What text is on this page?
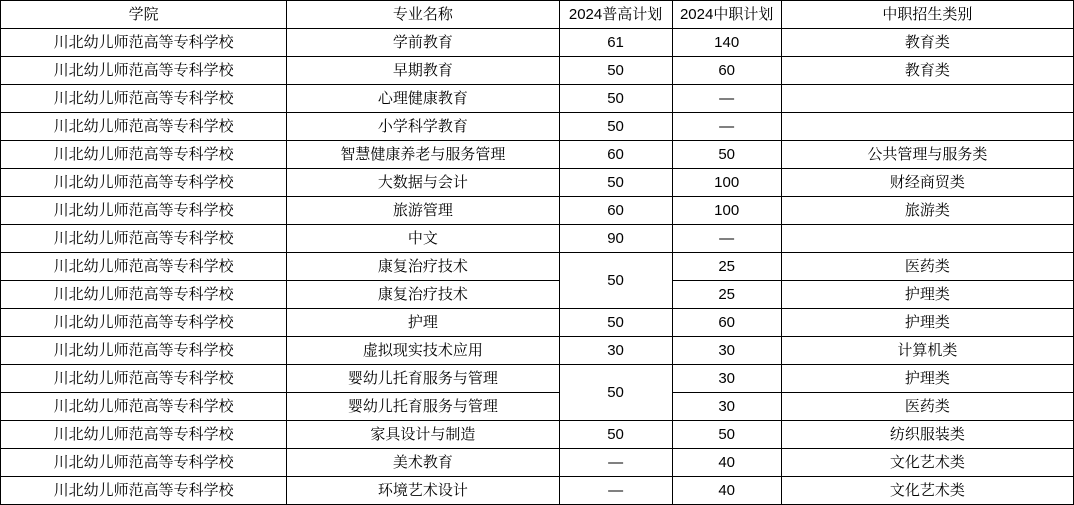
学院	专业名称	2024普高计划	2024中职计划	中职招生类别
川北幼儿师范高等专科学校	学前教育	61	140	教育类
川北幼儿师范高等专科学校	早期教育	50	60	教育类
川北幼儿师范高等专科学校	心理健康教育	50	—	
川北幼儿师范高等专科学校	小学科学教育	50	—	
川北幼儿师范高等专科学校	智慧健康养老与服务管理	60	50	公共管理与服务类
川北幼儿师范高等专科学校	大数据与会计	50	100	财经商贸类
川北幼儿师范高等专科学校	旅游管理	60	100	旅游类
川北幼儿师范高等专科学校	中文	90	—	
川北幼儿师范高等专科学校	康复治疗技术	50	25	医药类
川北幼儿师范高等专科学校	康复治疗技术		25	护理类
川北幼儿师范高等专科学校	护理	50	60	护理类
川北幼儿师范高等专科学校	虚拟现实技术应用	30	30	计算机类
川北幼儿师范高等专科学校	婴幼儿托育服务与管理	50	30	护理类
川北幼儿师范高等专科学校	婴幼儿托育服务与管理		30	医药类
川北幼儿师范高等专科学校	家具设计与制造	50	50	纺织服装类
川北幼儿师范高等专科学校	美术教育	—	40	文化艺术类
川北幼儿师范高等专科学校	环境艺术设计	—	40	文化艺术类
